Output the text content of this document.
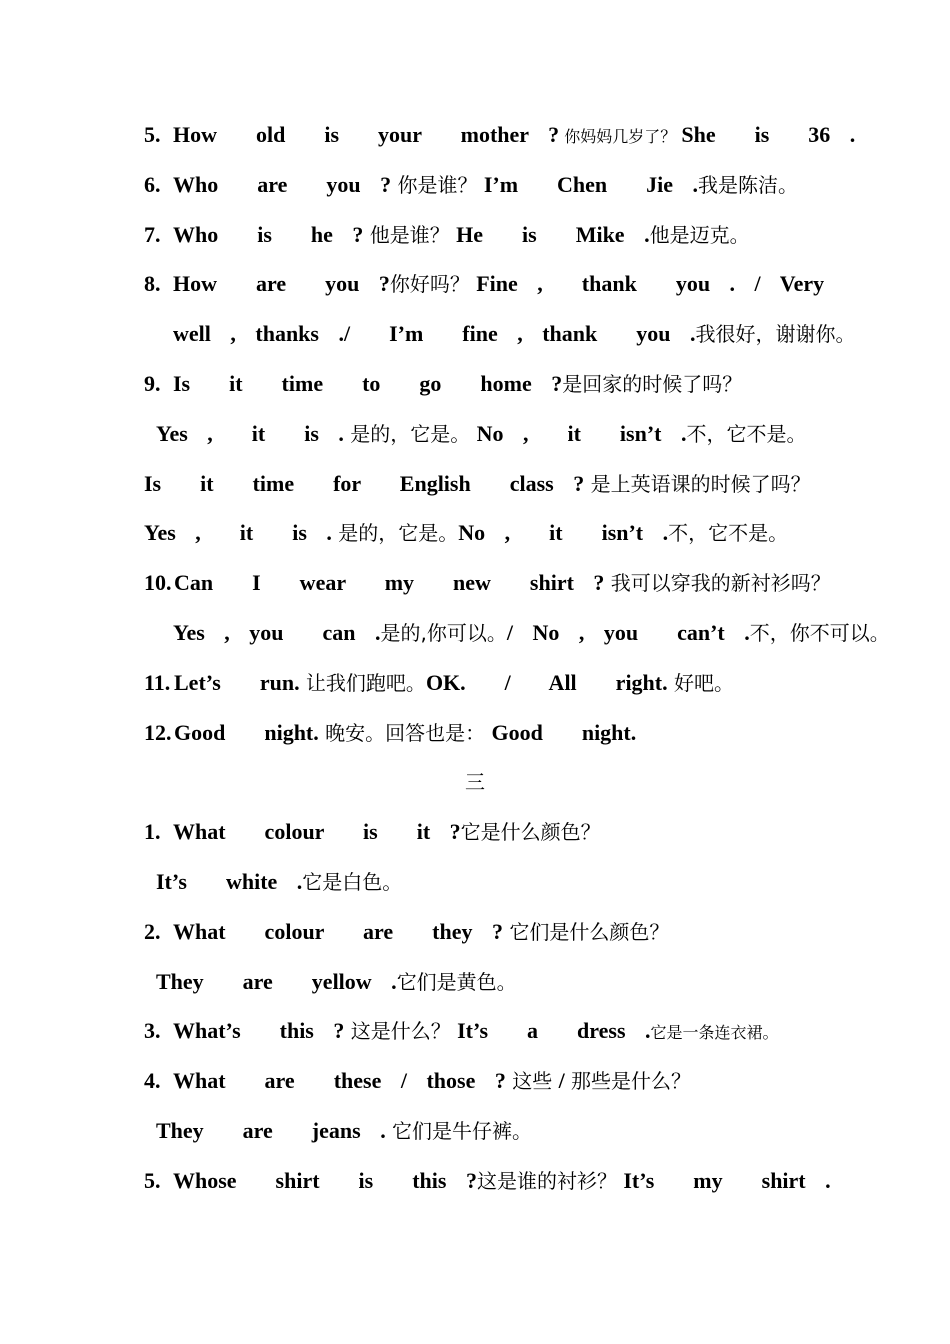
5. How  old  is  your  mother ? 你妈妈几岁了？ She  is  36 .
6. Who  are  you ? 你是谁？ I’m  Chen  Jie .我是陈洁。
7. Who  is  he ? 他是谁？ He  is  Mike .他是迈克。
8. How  are  you ?你好吗？ Fine ,  thank  you . / Very
well , thanks ./  I’m  fine , thank  you .我很好，谢谢你。
9. Is  it  time  to  go  home ?是回家的时候了吗？
Yes ,  it  is . 是的，它是。 No ,  it  isn’t .不，它不是。
Is  it  time  for  English  class ? 是上英语课的时候了吗？
Yes ,  it  is . 是的，它是。No ,  it  isn’t .不，它不是。
10. Can  I  wear  my  new  shirt ? 我可以穿我的新衬衫吗？
Yes , you  can .是的,你可以。/ No , you  can’t .不，你不可以。
11. Let’s  run. 让我们跑吧。OK.  /  All  right. 好吧。
12. Good  night. 晚安。回答也是： Good  night.
三
1. What  colour  is  it ?它是什么颜色？
It’s  white .它是白色。
2. What  colour  are  they ? 它们是什么颜色？
They  are  yellow .它们是黄色。
3. What’s  this ? 这是什么？ It’s  a  dress .它是一条连衣裙。
4. What  are  these / those ? 这些 / 那些是什么？
They  are  jeans . 它们是牛仔裤。
5. Whose  shirt  is  this ?这是谁的衬衫？ It’s  my  shirt .
